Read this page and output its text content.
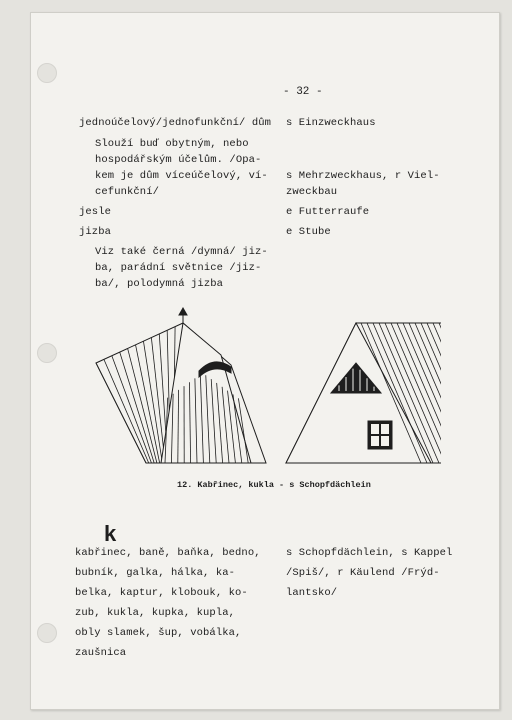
- 32 -
jednoúčelový/jednofunkční/ dům s Einzweckhaus
Slouží buď obytným, nebo
hospodářským účelům. /Opa-
kem je dům víceúčelový, ví-
cefunkční/
s Mehrzweckhaus, r Viel-
zweckbau
jesle	e Futterraufe
jizba	e Stube
Viz také černá /dymná/ jiz-
ba, parádní světnice /jiz-
ba/, polodymná jizba
12. Kabřinec, kukla - s Schopfdächlein
k
kabřinec, baně, baňka, bedno,
bubník, galka, hálka, ka-
belka, kaptur, klobouk, ko-
zub, kukla, kupka, kupla,
obly slamek, šup, vobálka,
zaušnica
s Schopfdächlein, s Kappel
/Spiš/, r Käulend /Frýd-
lantsko/
